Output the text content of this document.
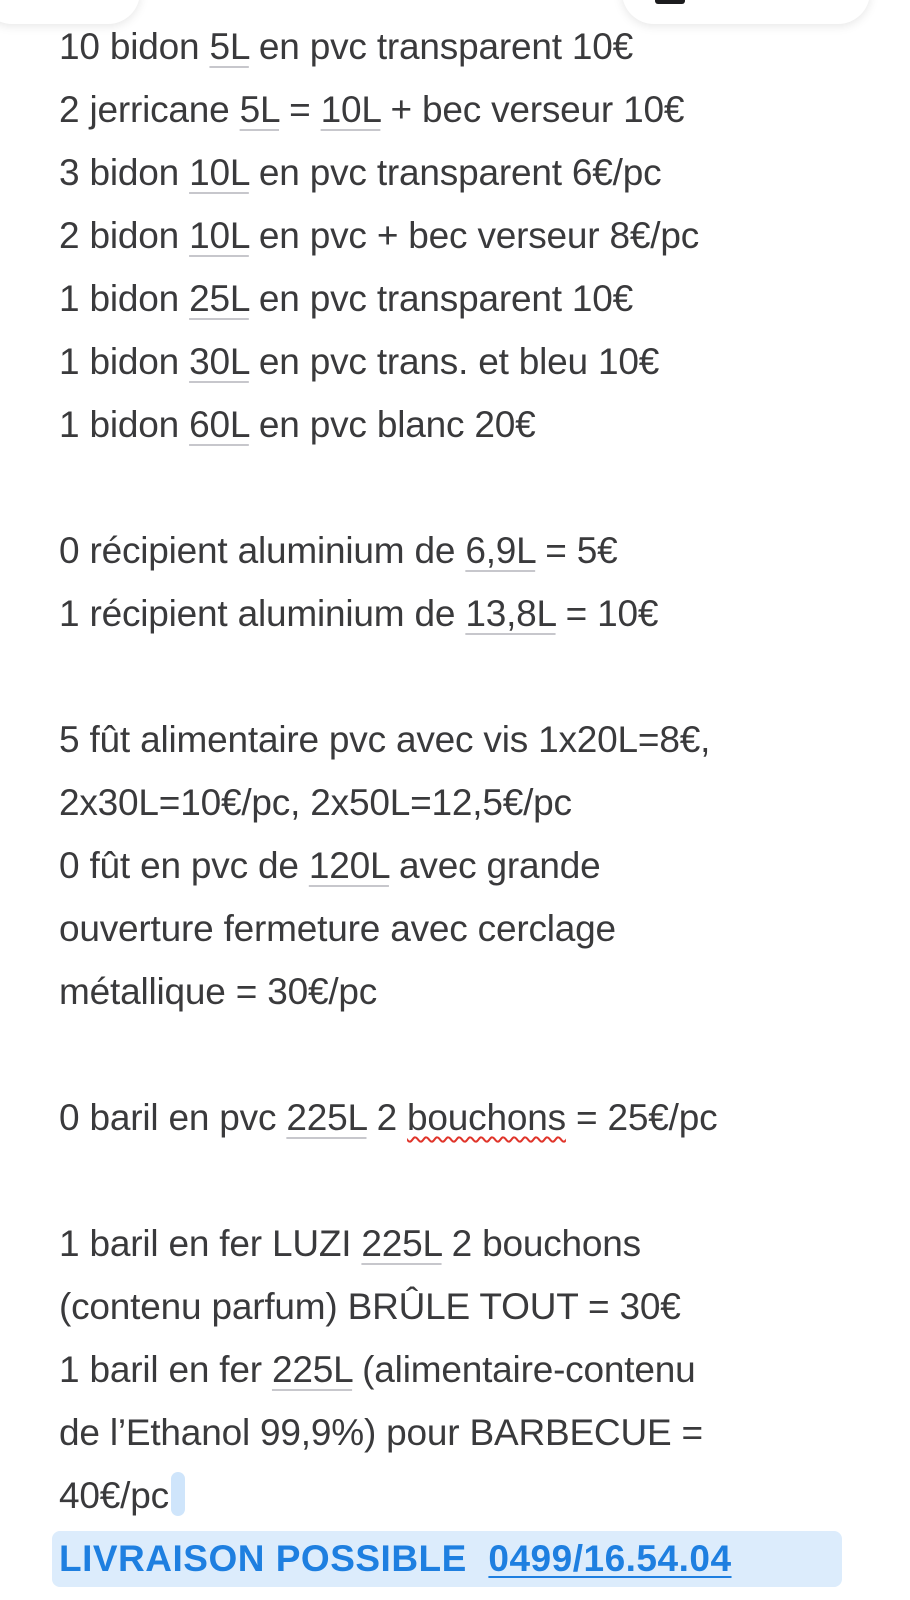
10 bidon 5L en pvc transparent 10€
2 jerricane 5L = 10L + bec verseur 10€
3 bidon 10L en pvc transparent 6€/pc
2 bidon 10L en pvc + bec verseur 8€/pc
1 bidon 25L en pvc transparent 10€
1 bidon 30L en pvc trans. et bleu 10€
1 bidon 60L en pvc blanc 20€
0 récipient aluminium de 6,9L = 5€
1 récipient aluminium de 13,8L = 10€
5 fût alimentaire pvc avec vis 1x20L=8€,
2x30L=10€/pc, 2x50L=12,5€/pc
0 fût en pvc de 120L avec grande
ouverture fermeture avec cerclage
métallique = 30€/pc
0 baril en pvc 225L 2 bouchons = 25€/pc
1 baril en fer LUZI 225L 2 bouchons
(contenu parfum) BRÛLE TOUT = 30€
1 baril en fer 225L (alimentaire-contenu
de l’Ethanol 99,9%) pour BARBECUE =
40€/pc
LIVRAISON POSSIBLE 0499/16.54.04
